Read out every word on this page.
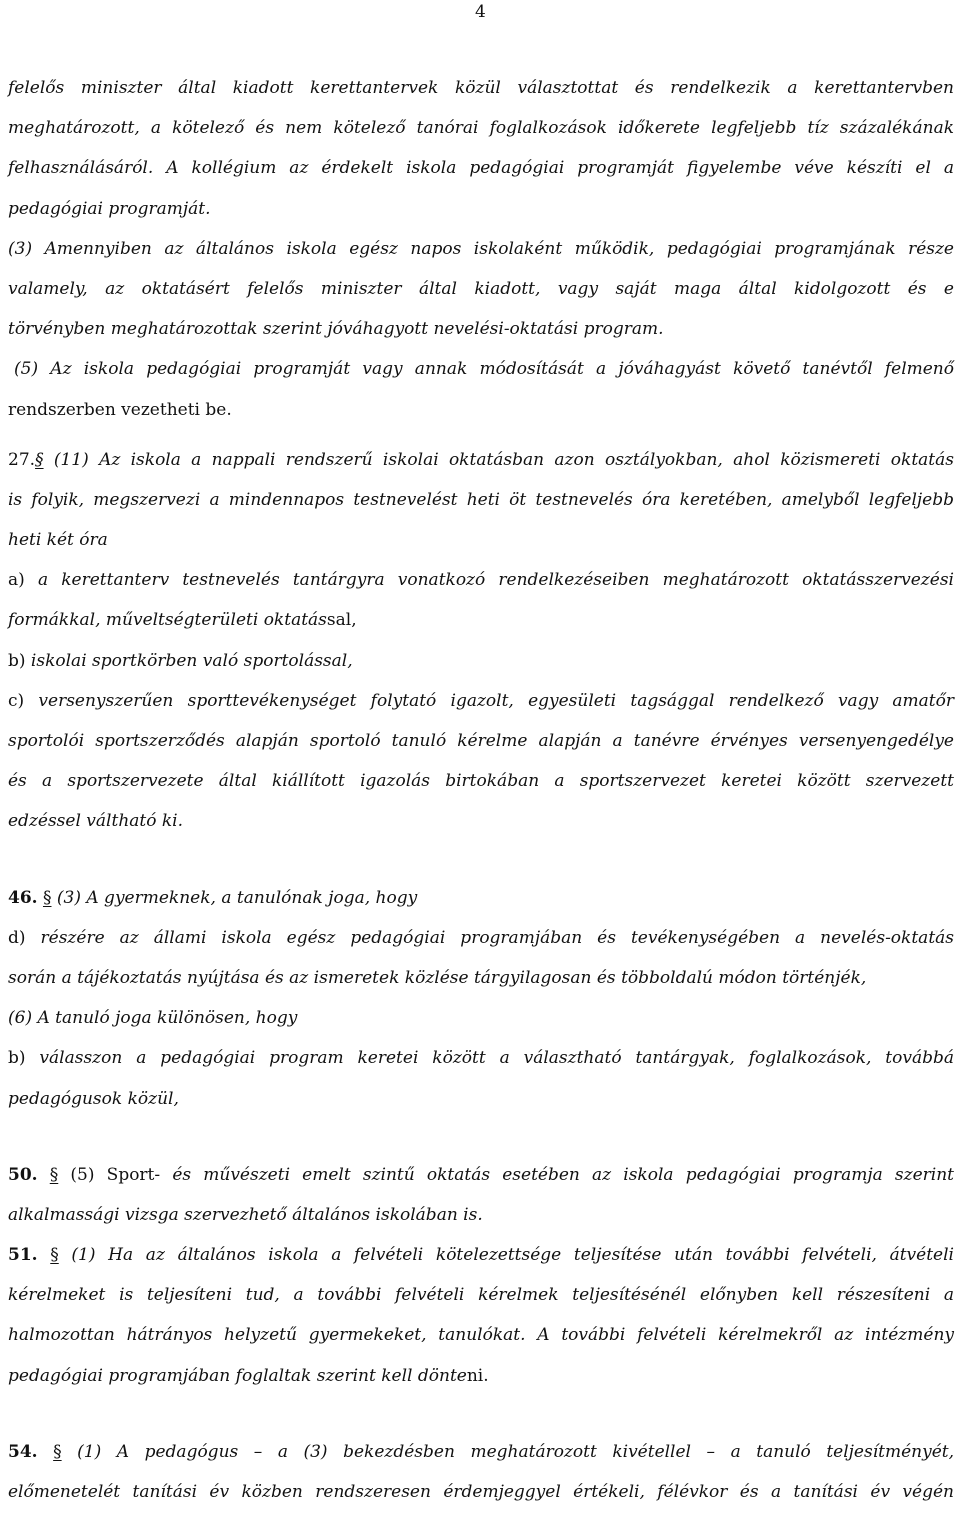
4
felelős miniszter által kiadott kerettantervek közül választottat és rendelkezik a kerettantervben
meghatározott, a kötelező és nem kötelező tanórai foglalkozások időkerete legfeljebb tíz százalékának
felhasználásáról. A kollégium az érdekelt iskola pedagógiai programját figyelembe véve készíti el a
pedagógiai programját.
(3) Amennyiben az általános iskola egész napos iskolaként működik, pedagógiai programjának része
valamely, az oktatásért felelős miniszter által kiadott, vagy saját maga által kidolgozott és e
törvényben meghatározottak szerint jóváhagyott nevelési-oktatási program.
(5) Az iskola pedagógiai programját vagy annak módosítását a jóváhagyást követő tanévtől felmenő
rendszerben vezetheti be.
27.§ (11) Az iskola a nappali rendszerű iskolai oktatásban azon osztályokban, ahol közismereti oktatás
is folyik, megszervezi a mindennapos testnevelést heti öt testnevelés óra keretében, amelyből legfeljebb
heti két óra
a) a kerettanterv testnevelés tantárgyra vonatkozó rendelkezéseiben meghatározott oktatásszervezési
formákkal, műveltségterületi oktatással,
b) iskolai sportkörben való sportolással,
c) versenyszerűen sporttevékenységet folytató igazolt, egyesületi tagsággal rendelkező vagy amatőr
sportolói sportszerződés alapján sportoló tanuló kérelme alapján a tanévre érvényes versenyengedélye
és a sportszervezete által kiállított igazolás birtokában a sportszervezet keretei között szervezett
edzéssel váltható ki.
46. § (3) A gyermeknek, a tanulónak joga, hogy
d) részére az állami iskola egész pedagógiai programjában és tevékenységében a nevelés-oktatás
során a tájékoztatás nyújtása és az ismeretek közlése tárgyilagosan és többoldalú módon történjék,
(6) A tanuló joga különösen, hogy
b) válasszon a pedagógiai program keretei között a választható tantárgyak, foglalkozások, továbbá
pedagógusok közül,
50. § (5) Sport- és művészeti emelt szintű oktatás esetében az iskola pedagógiai programja szerint
alkalmassági vizsga szervezhető általános iskolában is.
51. § (1) Ha az általános iskola a felvételi kötelezettsége teljesítése után további felvételi, átvételi
kérelmeket is teljesíteni tud, a további felvételi kérelmek teljesítésénél előnyben kell részesíteni a
halmozottan hátrányos helyzetű gyermekeket, tanulókat. A további felvételi kérelmekről az intézmény
pedagógiai programjában foglaltak szerint kell dönteni.
54. § (1) A pedagógus – a (3) bekezdésben meghatározott kivétellel – a tanuló teljesítményét,
előmenetelét tanítási év közben rendszeresen érdemjeggyel értékeli, félévkor és a tanítási év végén
